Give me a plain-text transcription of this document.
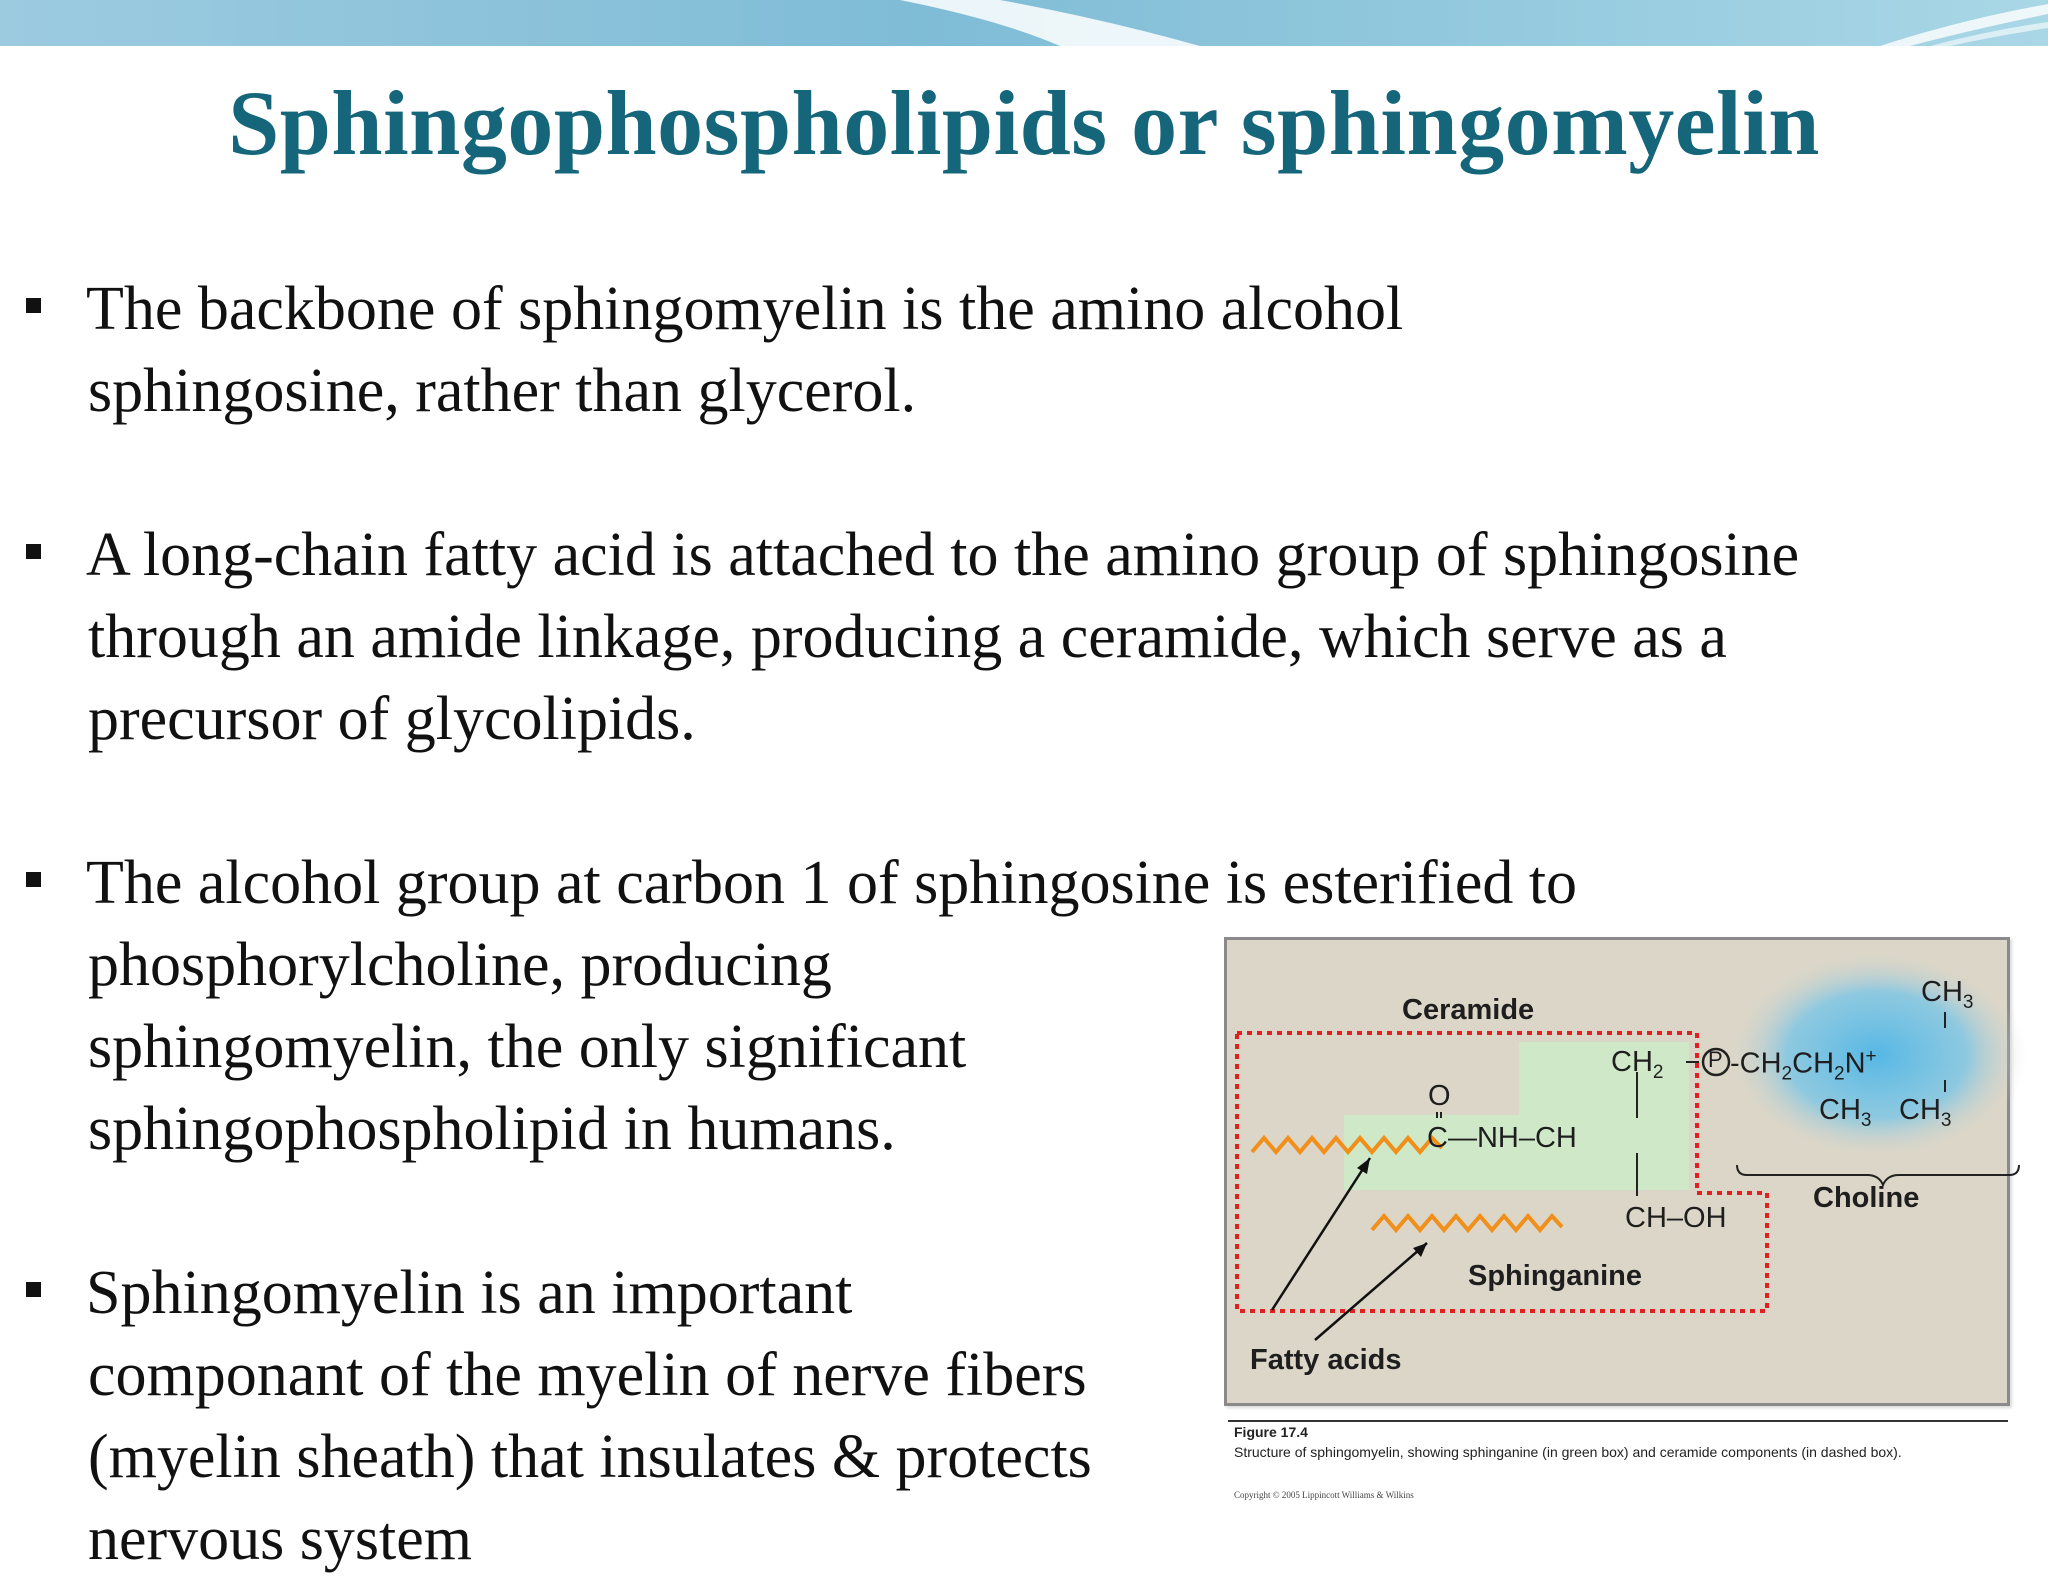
Sphingophospholipids or sphingomyelin
The backbone of sphingomyelin is the amino alcohol
sphingosine, rather than glycerol.
A long-chain fatty acid is attached to the amino group of sphingosine
through an amide linkage, producing a ceramide, which serve as a
precursor of glycolipids.
The alcohol group at carbon 1 of sphingosine is esterified to
phosphorylcholine, producing
sphingomyelin, the only significant
sphingophospholipid in humans.
Sphingomyelin is an important
componant of the myelin of nerve fibers
(myelin sheath) that insulates & protects
nervous system
Ceramide
Choline
Sphinganine
Fatty acids
$CH_3$
$CH_2$
P $-CH_2CH_2N^+$
$CH_3$ $CH_3$
O
C—NH–CH
CH–OH
Figure 17.4
Structure of sphingomyelin, showing sphinganine (in green box) and ceramide components (in dashed box).
Copyright © 2005 Lippincott Williams & Wilkins
